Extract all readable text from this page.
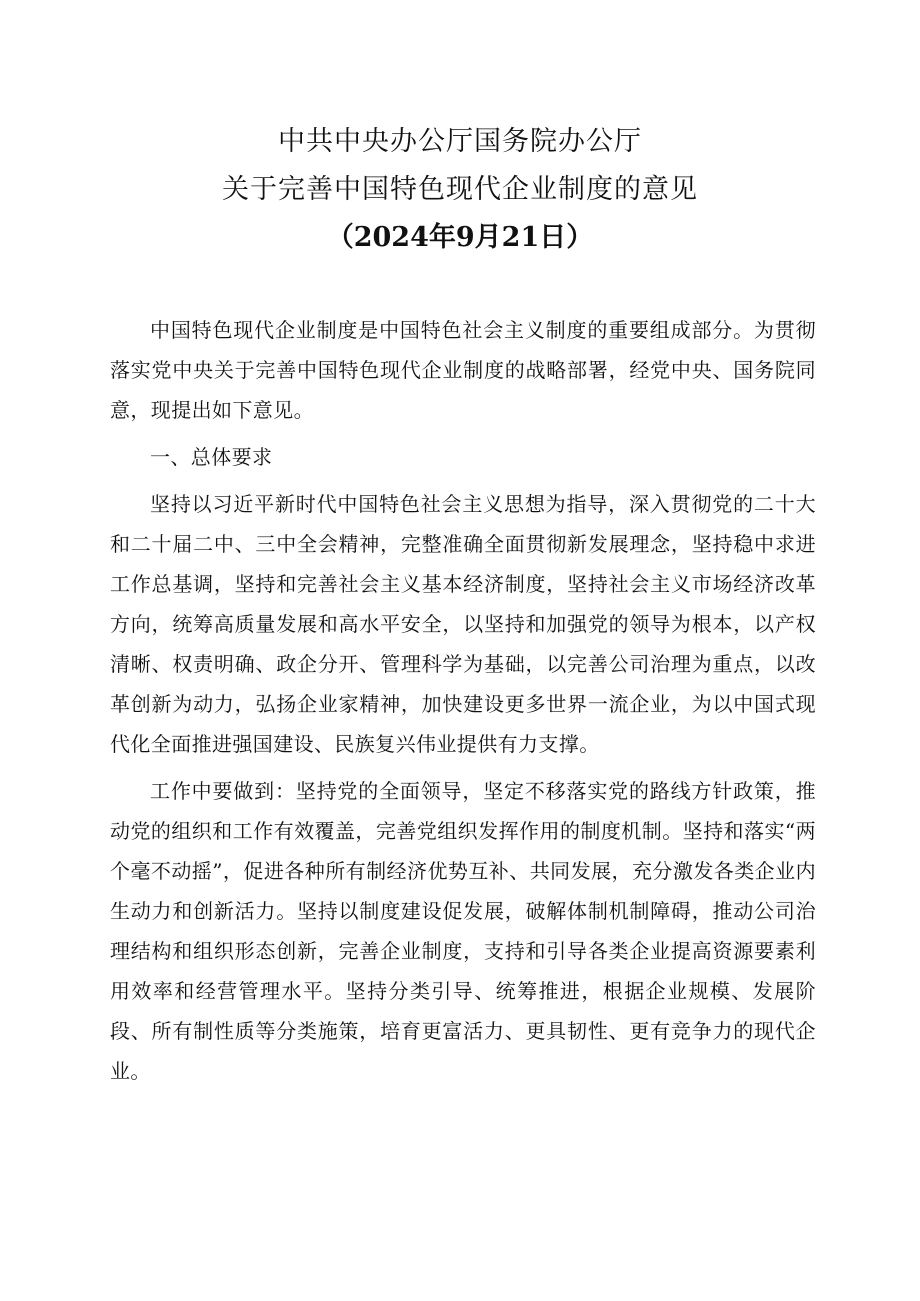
中共中央办公厅国务院办公厅
关于完善中国特色现代企业制度的意见
（2024年9月21日）

中国特色现代企业制度是中国特色社会主义制度的重要组成部分。为贯彻落实党中央关于完善中国特色现代企业制度的战略部署，经党中央、国务院同意，现提出如下意见。

一、总体要求

坚持以习近平新时代中国特色社会主义思想为指导，深入贯彻党的二十大和二十届二中、三中全会精神，完整准确全面贯彻新发展理念，坚持稳中求进工作总基调，坚持和完善社会主义基本经济制度，坚持社会主义市场经济改革方向，统筹高质量发展和高水平安全，以坚持和加强党的领导为根本，以产权清晰、权责明确、政企分开、管理科学为基础，以完善公司治理为重点，以改革创新为动力，弘扬企业家精神，加快建设更多世界一流企业，为以中国式现代化全面推进强国建设、民族复兴伟业提供有力支撑。

工作中要做到：坚持党的全面领导，坚定不移落实党的路线方针政策，推动党的组织和工作有效覆盖，完善党组织发挥作用的制度机制。坚持和落实“两个毫不动摇”，促进各种所有制经济优势互补、共同发展，充分激发各类企业内生动力和创新活力。坚持以制度建设促发展，破解体制机制障碍，推动公司治理结构和组织形态创新，完善企业制度，支持和引导各类企业提高资源要素利用效率和经营管理水平。坚持分类引导、统筹推进，根据企业规模、发展阶段、所有制性质等分类施策，培育更富活力、更具韧性、更有竞争力的现代企业。
